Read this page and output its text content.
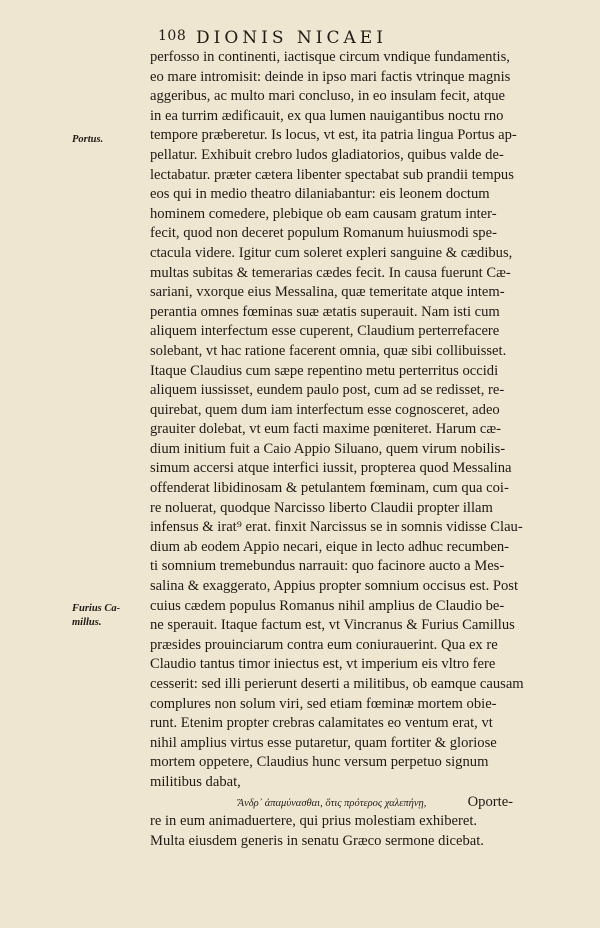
108 DIONIS NICAEI
Portus.
Furius Ca-
millus.
perfosso in continenti, iactisque circum vndique fundamentis,
eo mare intromisit: deinde in ipso mari factis vtrinque magnis
aggeribus, ac multo mari concluso, in eo insulam fecit, atque
in ea turrim ædificauit, ex qua lumen nauigantibus noctu rno
tempore præberetur. Is locus, vt est, ita patria lingua Portus ap-
pellatur. Exhibuit crebro ludos gladiatorios, quibus valde de-
lectabatur. præter cætera libenter spectabat sub prandii tempus
eos qui in medio theatro dilaniabantur: eis leonem doctum
hominem comedere, plebique ob eam causam gratum inter-
fecit, quod non deceret populum Romanum huiusmodi spe-
ctacula videre. Igitur cum soleret expleri sanguine & cædibus,
multas subitas & temerarias cædes fecit. In causa fuerunt Cæ-
sariani, vxorque eius Messalina, quæ temeritate atque intem-
perantia omnes fœminas suæ ætatis superauit. Nam isti cum
aliquem interfectum esse cuperent, Claudium perterrefacere
solebant, vt hac ratione facerent omnia, quæ sibi collibuisset.
Itaque Claudius cum sæpe repentino metu perterritus occidi
aliquem iussisset, eundem paulo post, cum ad se redisset, re-
quirebat, quem dum iam interfectum esse cognosceret, adeo
grauiter dolebat, vt eum facti maxime pœniteret. Harum cæ-
dium initium fuit a Caio Appio Siluano, quem virum nobilis-
simum accersi atque interfici iussit, propterea quod Messalina
offenderat libidinosam & petulantem fœminam, cum qua coi-
re noluerat, quodque Narcisso liberto Claudii propter illam
infensus & irat⁹ erat. finxit Narcissus se in somnis vidisse Clau-
dium ab eodem Appio necari, eique in lecto adhuc recumben-
ti somnium tremebundus narrauit: quo facinore aucto a Mes-
salina & exaggerato, Appius propter somnium occisus est. Post
cuius cædem populus Romanus nihil amplius de Claudio be-
ne sperauit. Itaque factum est, vt Vincranus & Furius Camillus
præsides prouinciarum contra eum coniurauerint. Qua ex re
Claudio tantus timor iniectus est, vt imperium eis vltro fere
cesserit: sed illi perierunt deserti a militibus, ob eamque causam
complures non solum viri, sed etiam fœminæ mortem obie-
runt. Etenim propter crebras calamitates eo ventum erat, vt
nihil amplius virtus esse putaretur, quam fortiter & gloriose
mortem oppetere, Claudius hunc versum perpetuo signum
militibus dabat,
Ἄνδρ᾽ ἀπαμύνασθαι, ὅτις πρότερος χαλεπήνῃ,	Oporte-
re in eum animaduertere, qui prius molestiam exhiberet.
Multa eiusdem generis in senatu Græco sermone dicebat.
